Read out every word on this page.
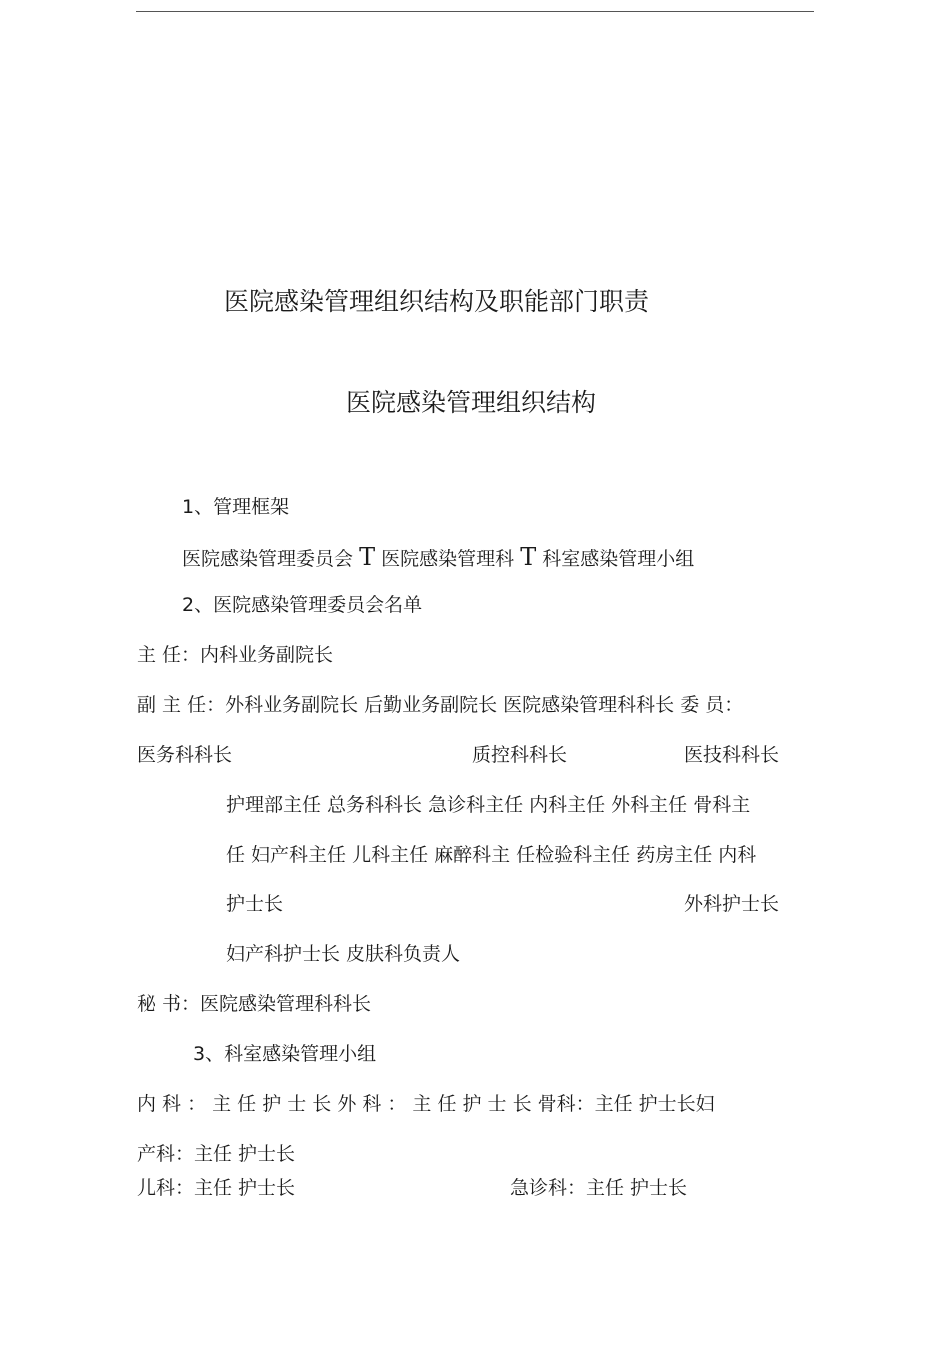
医院感染管理组织结构及职能部门职责
医院感染管理组织结构
1、管理框架
医院感染管理委员会 T 医院感染管理科 T 科室感染管理小组
2、医院感染管理委员会名单
主 任：内科业务副院长
副 主 任：外科业务副院长 后勤业务副院长 医院感染管理科科长 委 员：
医务科科长	质控科科长	医技科科长
护理部主任 总务科科长 急诊科主任 内科主任 外科主任 骨科主
任 妇产科主任 儿科主任 麻醉科主 任检验科主任 药房主任 内科
护士长	外科护士长
妇产科护士长 皮肤科负责人
秘 书：医院感染管理科科长
3、科室感染管理小组
内 科 ： 主 任 护 士 长 外 科 ： 主 任 护 士 长 骨科：主任 护士长妇
产科：主任 护士长
儿科：主任 护士长	急诊科：主任 护士长
